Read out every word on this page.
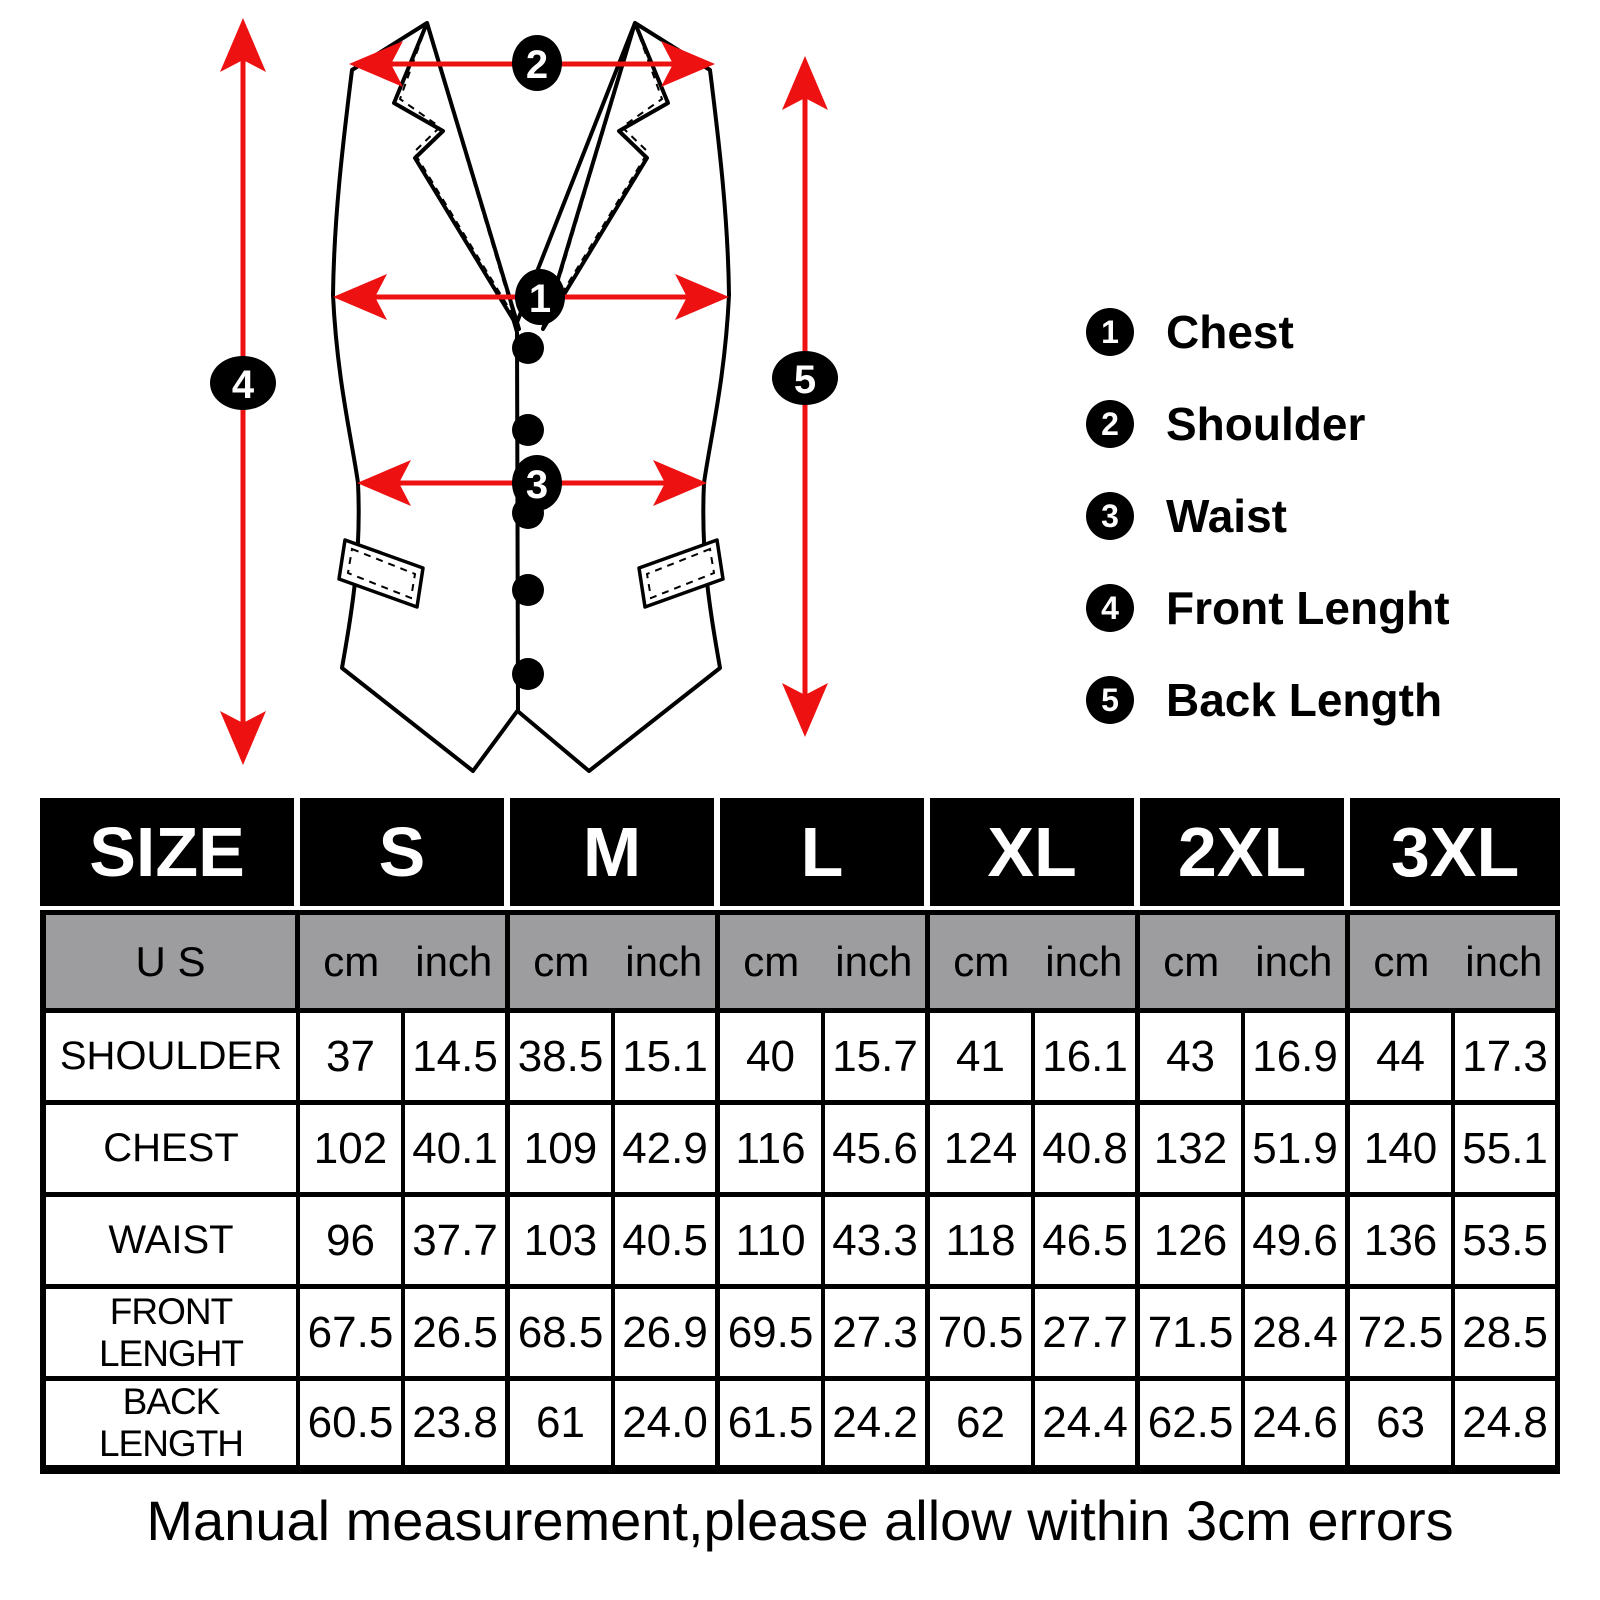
1
2
3
4	5
1	Chest
2	Shoulder
3	Waist
4	Front Lenght
5	Back Length
SIZE	S		M		L		XL		2XL		3XL	
U S	cm inch		cm inch		cm inch		cm inch		cm inch		cm inch	

SHOULDER	37	14.5	38.5	15.1	40	15.7	41	16.1	43	16.9	44	17.3
CHEST	102	40.1	109	42.9	116	45.6	124	40.8	132	51.9	140	55.1
WAIST	96	37.7	103	40.5	110	43.3	118	46.5	126	49.6	136	53.5
FRONT LENGHT	67.5	26.5	68.5	26.9	69.5	27.3	70.5	27.7	71.5	28.4	72.5	28.5
BACK LENGTH	60.5	23.8	61	24.0	61.5	24.2	62	24.4	62.5	24.6	63	24.8
Manual measurement,please allow within 3cm errors
